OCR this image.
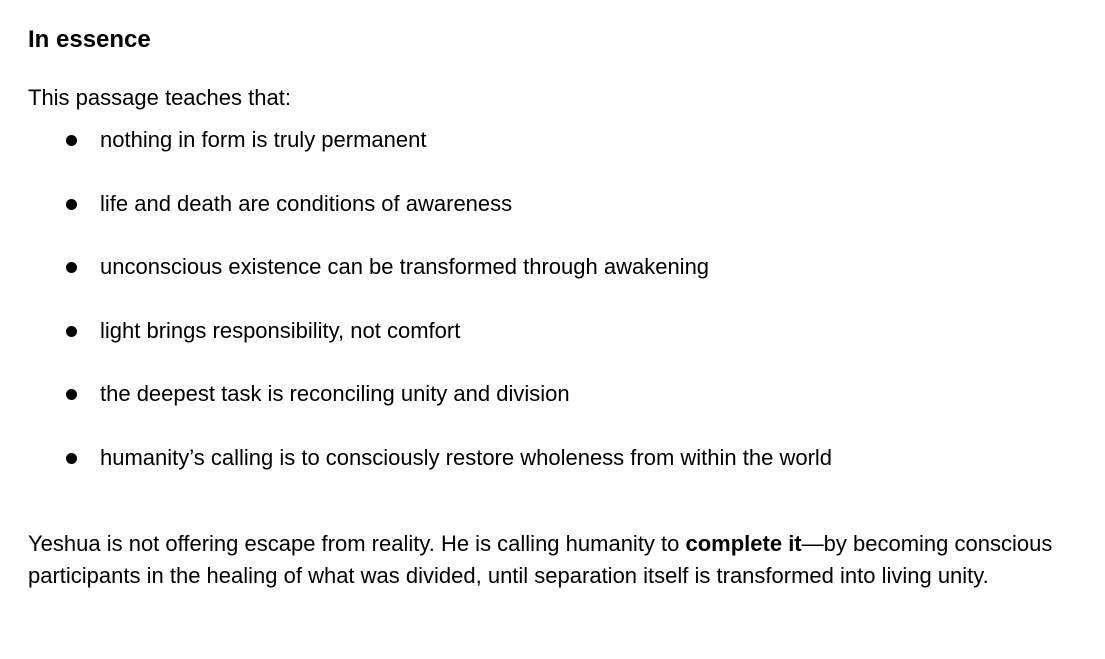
In essence
This passage teaches that:
nothing in form is truly permanent
life and death are conditions of awareness
unconscious existence can be transformed through awakening
light brings responsibility, not comfort
the deepest task is reconciling unity and division
humanity’s calling is to consciously restore wholeness from within the world

Yeshua is not offering escape from reality. He is calling humanity to complete it—by becoming conscious participants in the healing of what was divided, until separation itself is transformed into living unity.
